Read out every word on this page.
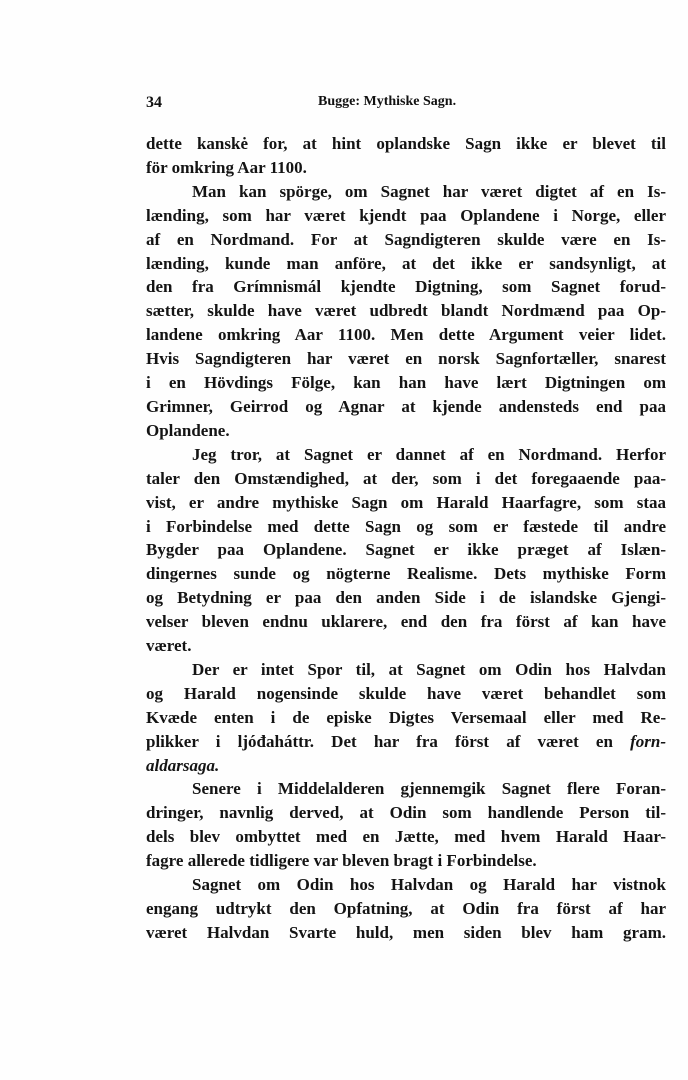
34	Bugge: Mythiske Sagn.

dette kanskė for, at hint oplandske Sagn ikke er blevet til
för omkring Aar 1100.

Man kan spörge, om Sagnet har været digtet af en Is-
lænding, som har været kjendt paa Oplandene i Norge, eller
af en Nordmand. For at Sagndigteren skulde være en Is-
lænding, kunde man anföre, at det ikke er sandsynligt, at
den fra Grímnismál kjendte Digtning, som Sagnet forud-
sætter, skulde have været udbredt blandt Nordmænd paa Op-
landene omkring Aar 1100. Men dette Argument veier lidet.
Hvis Sagndigteren har været en norsk Sagnfortæller, snarest
i en Hövdings Fölge, kan han have lært Digtningen om
Grimner, Geirrod og Agnar at kjende andensteds end paa
Oplandene.

Jeg tror, at Sagnet er dannet af en Nordmand. Herfor
taler den Omstændighed, at der, som i det foregaaende paa-
vist, er andre mythiske Sagn om Harald Haarfagre, som staa
i Forbindelse med dette Sagn og som er fæstede til andre
Bygder paa Oplandene. Sagnet er ikke præget af Islæn-
dingernes sunde og nögterne Realisme. Dets mythiske Form
og Betydning er paa den anden Side i de islandske Gjengi-
velser bleven endnu uklarere, end den fra först af kan have
været.

Der er intet Spor til, at Sagnet om Odin hos Halvdan
og Harald nogensinde skulde have været behandlet som
Kvæde enten i de episke Digtes Versemaal eller med Re-
plikker i ljóđaháttr. Det har fra först af været en forn-
aldarsaga.

Senere i Middelalderen gjennemgik Sagnet flere Foran-
dringer, navnlig derved, at Odin som handlende Person til-
dels blev ombyttet med en Jætte, med hvem Harald Haar-
fagre allerede tidligere var bleven bragt i Forbindelse.

Sagnet om Odin hos Halvdan og Harald har vistnok
engang udtrykt den Opfatning, at Odin fra först af har
været Halvdan Svarte huld, men siden blev ham gram.
